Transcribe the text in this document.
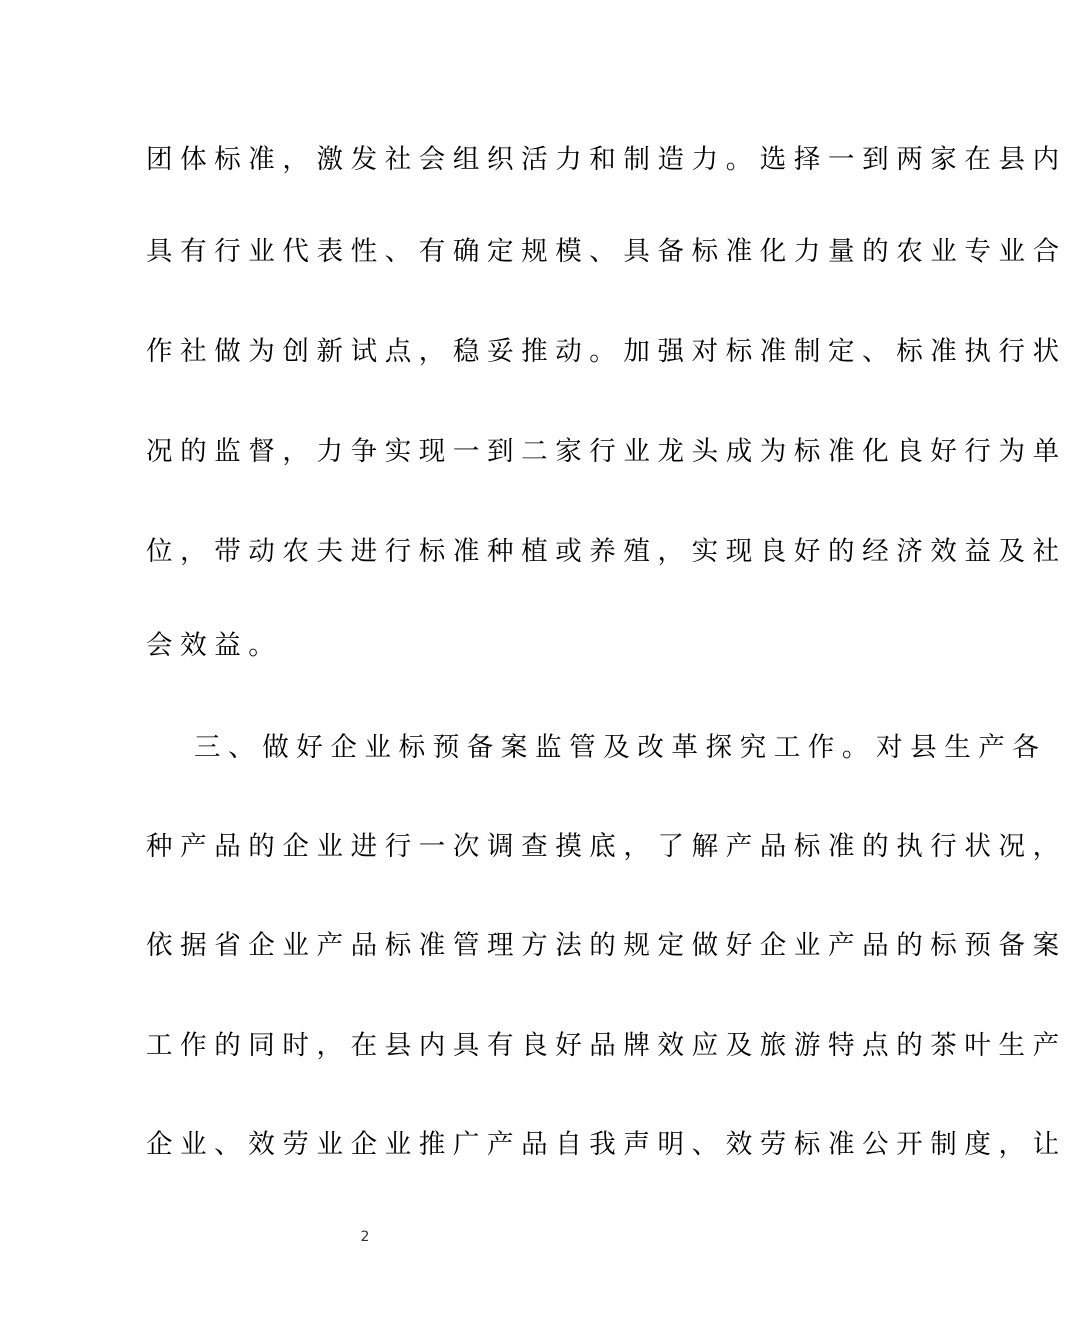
团体标准，激发社会组织活力和制造力。选择一到两家在县内
具有行业代表性、有确定规模、具备标准化力量的农业专业合
作社做为创新试点，稳妥推动。加强对标准制定、标准执行状
况的监督，力争实现一到二家行业龙头成为标准化良好行为单
位，带动农夫进行标准种植或养殖，实现良好的经济效益及社
会效益。
三、做好企业标预备案监管及改革探究工作。对县生产各
种产品的企业进行一次调查摸底，了解产品标准的执行状况，
依据省企业产品标准管理方法的规定做好企业产品的标预备案
工作的同时，在县内具有良好品牌效应及旅游特点的茶叶生产
企业、效劳业企业推广产品自我声明、效劳标准公开制度，让
2
